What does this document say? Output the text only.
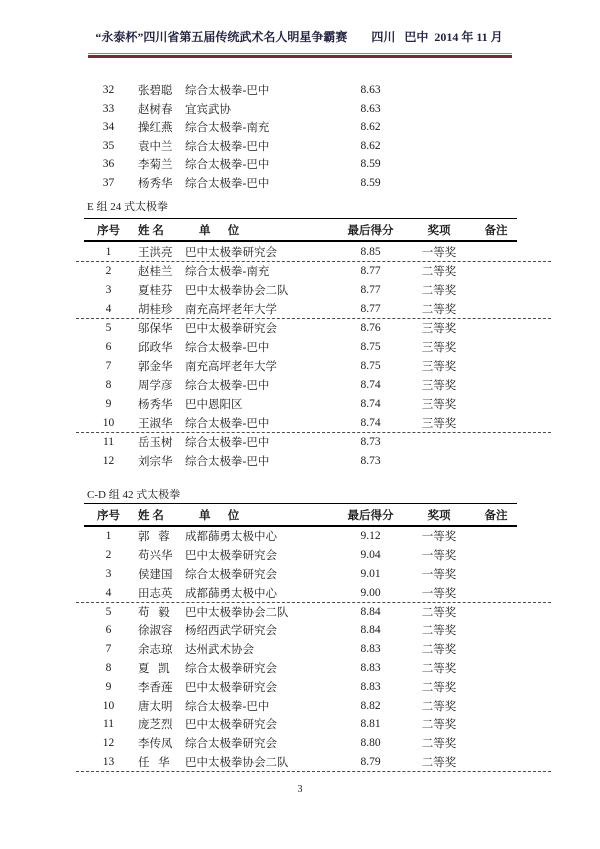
“永泰杯”四川省第五届传统武术名人明星争霸赛 四川   巴中  2014 年 11 月
32	张碧聪	综合太极拳-巴中	8.63
33	赵树春	宜宾武协	8.63
34	操红燕	综合太极拳-南充	8.62
35	袁中兰	综合太极拳-巴中	8.62
36	李菊兰	综合太极拳-巴中	8.59
37	杨秀华	综合太极拳-巴中	8.59
E 组 24 式太极拳
序号	姓 名	单      位	最后得分	奖项	备注
1	王洪亮	巴中太极拳研究会	8.85	一等奖
2	赵桂兰	综合太极拳-南充	8.77	二等奖
3	夏桂芬	巴中太极拳协会二队	8.77	二等奖
4	胡桂珍	南充高坪老年大学	8.77	二等奖
5	邬保华	巴中太极拳研究会	8.76	三等奖
6	邱政华	综合太极拳-巴中	8.75	三等奖
7	郭金华	南充高坪老年大学	8.75	三等奖
8	周学彦	综合太极拳-巴中	8.74	三等奖
9	杨秀华	巴中恩阳区	8.74	三等奖
10	王淑华	综合太极拳-巴中	8.74	三等奖
11	岳玉树	综合太极拳-巴中	8.73
12	刘宗华	综合太极拳-巴中	8.73
C-D 组 42 式太极拳
序号	姓 名	单      位	最后得分	奖项	备注
1	郭   蓉	成都蒒勇太极中心	9.12	一等奖
2	苟兴华	巴中太极拳研究会	9.04	一等奖
3	侯建国	综合太极拳研究会	9.01	一等奖
4	田志英	成都蒒勇太极中心	9.00	一等奖
5	苟   毅	巴中太极拳协会二队	8.84	二等奖
6	徐淑容	杨绍西武学研究会	8.84	二等奖
7	余志琼	达州武术协会	8.83	二等奖
8	夏   凯	综合太极拳研究会	8.83	二等奖
9	李香莲	巴中太极拳研究会	8.83	二等奖
10	唐太明	综合太极拳-巴中	8.82	二等奖
11	庞芝烈	巴中太极拳研究会	8.81	二等奖
12	李传凤	综合太极拳研究会	8.80	二等奖
13	任   华	巴中太极拳协会二队	8.79	二等奖
3
